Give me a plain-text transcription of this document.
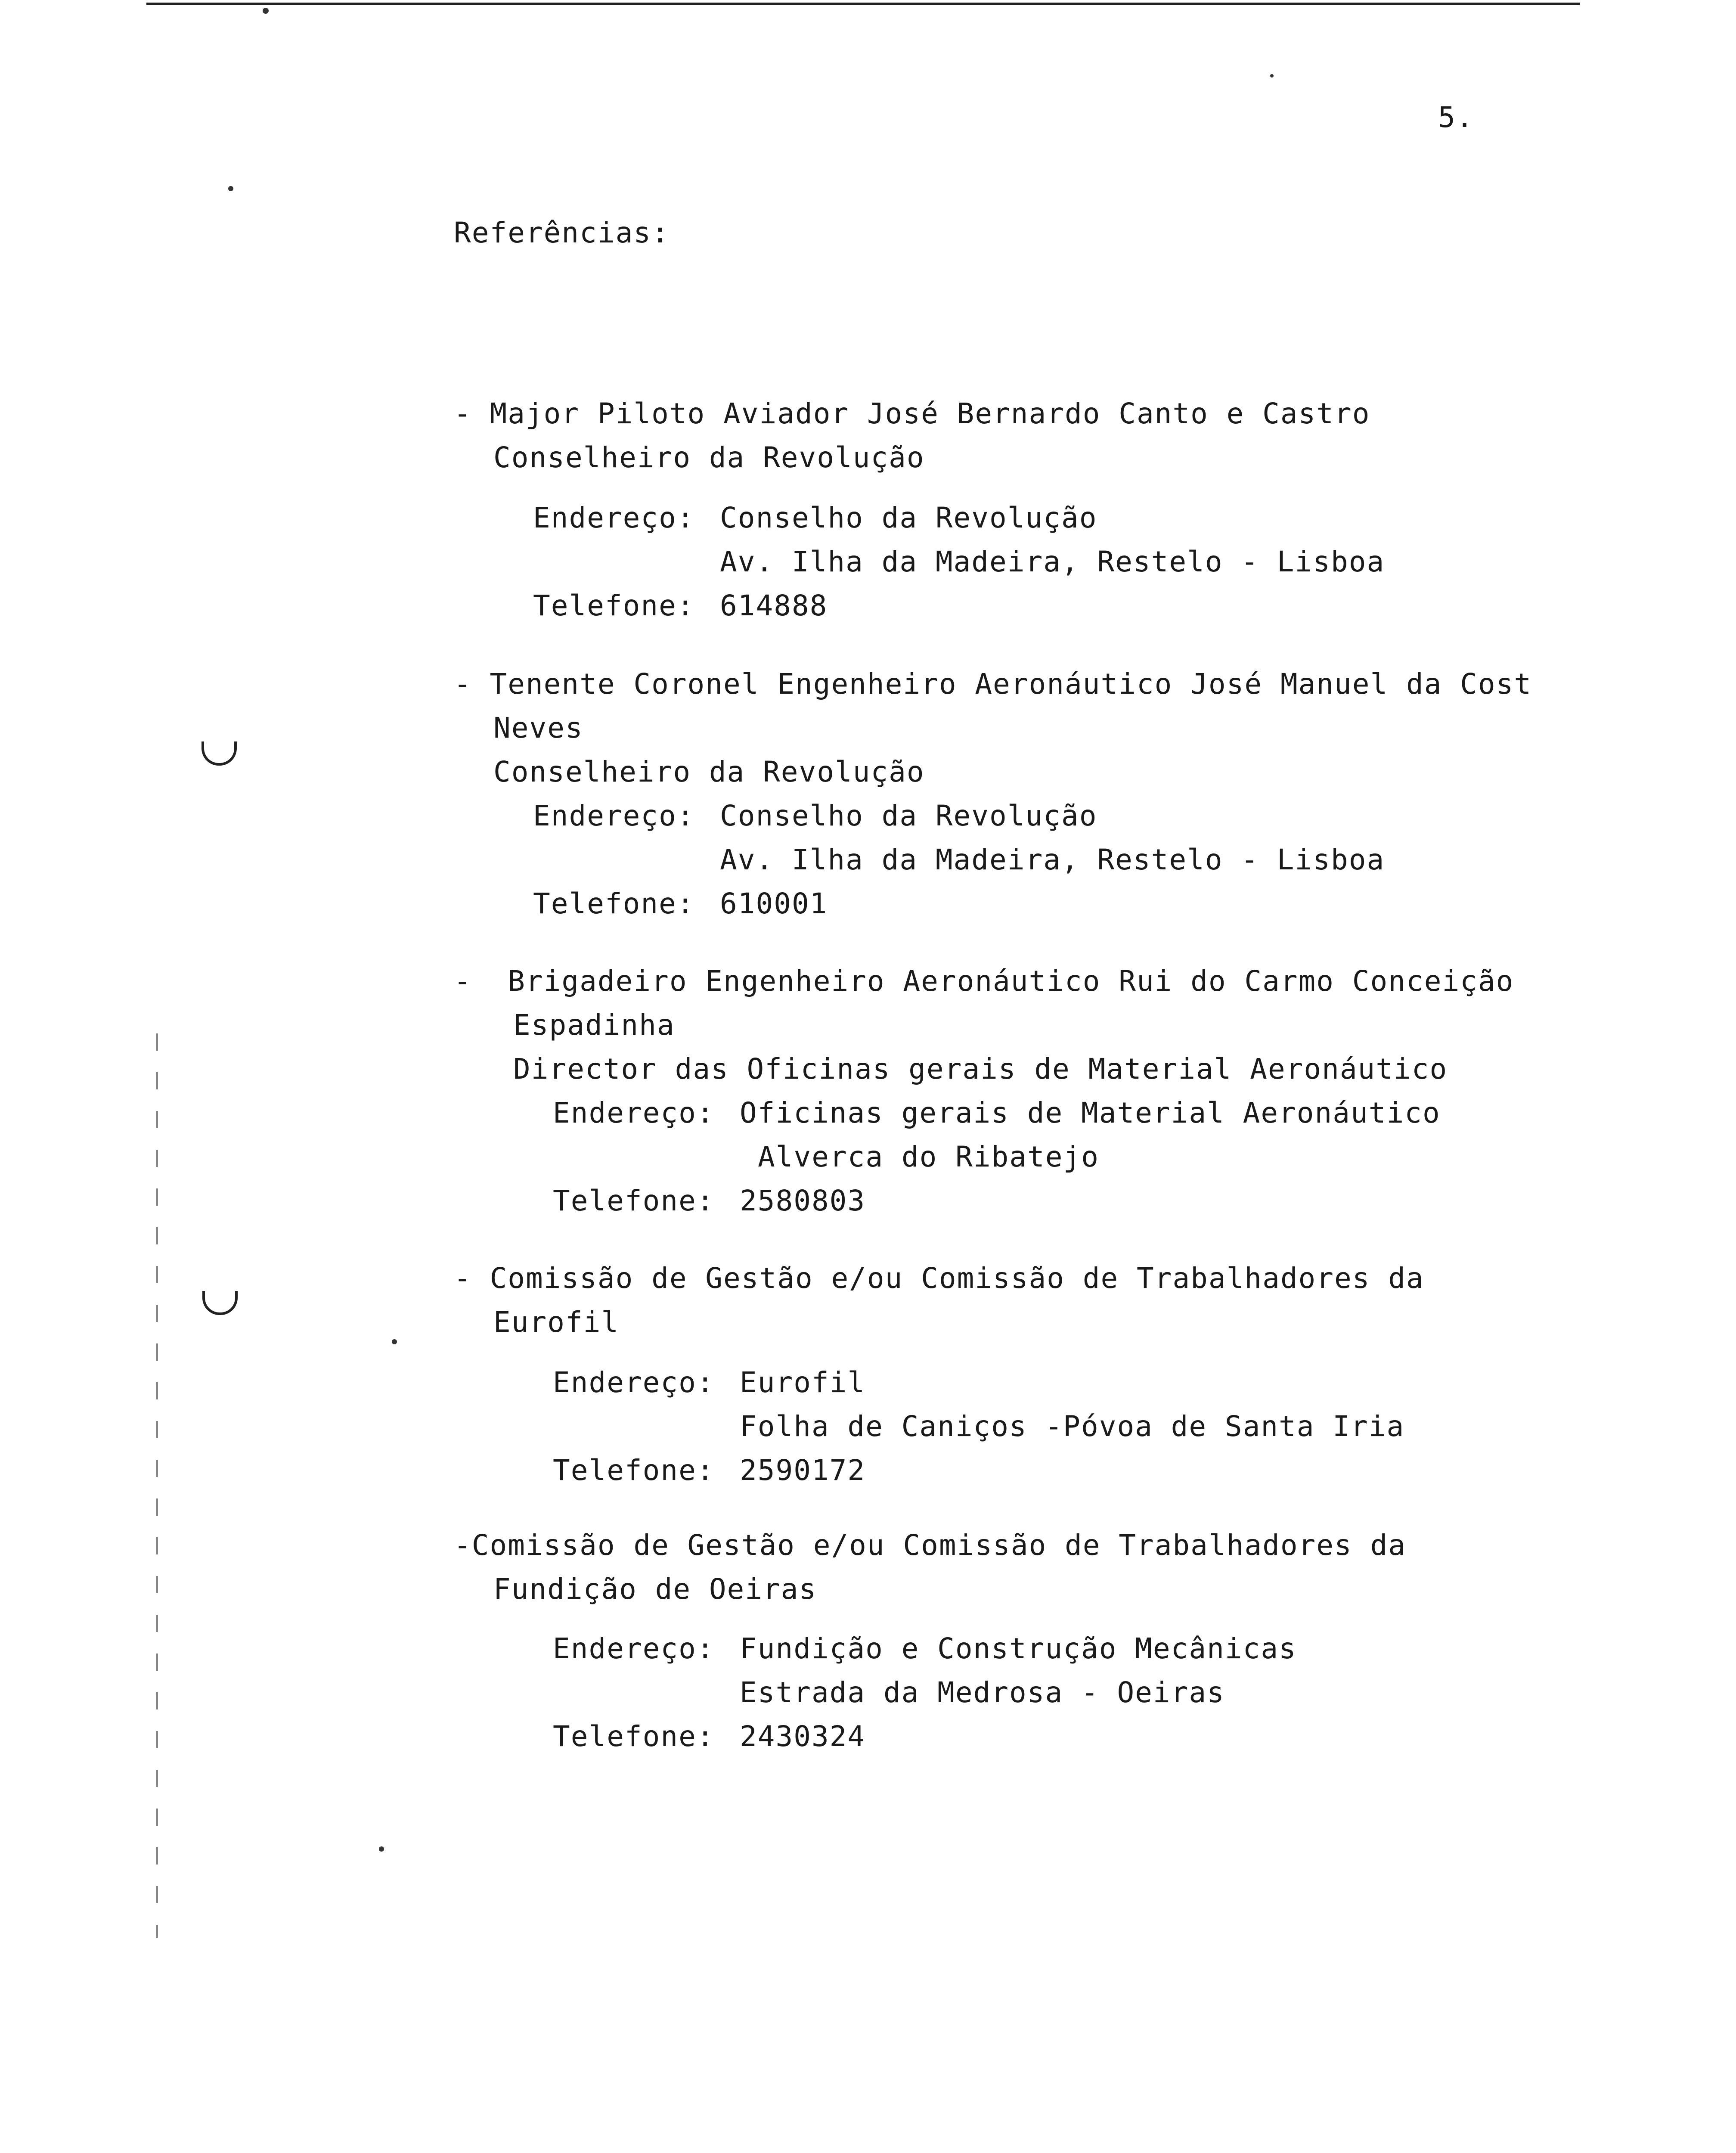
5.
Referências:
- Major Piloto Aviador José Bernardo Canto e Castro
Conselheiro da Revolução
Endereço: Conselho da Revolução
Av. Ilha da Madeira, Restelo - Lisboa
Telefone: 614888
- Tenente Coronel Engenheiro Aeronáutico José Manuel da Cost
Neves
Conselheiro da Revolução
Endereço: Conselho da Revolução
Av. Ilha da Madeira, Restelo - Lisboa
Telefone: 610001
-  Brigadeiro Engenheiro Aeronáutico Rui do Carmo Conceição
Espadinha
Director das Oficinas gerais de Material Aeronáutico
Endereço: Oficinas gerais de Material Aeronáutico
Alverca do Ribatejo
Telefone: 2580803
- Comissão de Gestão e/ou Comissão de Trabalhadores da
Eurofil
Endereço: Eurofil
Folha de Caniços -Póvoa de Santa Iria
Telefone: 2590172
-Comissão de Gestão e/ou Comissão de Trabalhadores da
Fundição de Oeiras
Endereço: Fundição e Construção Mecânicas
Estrada da Medrosa - Oeiras
Telefone: 2430324
